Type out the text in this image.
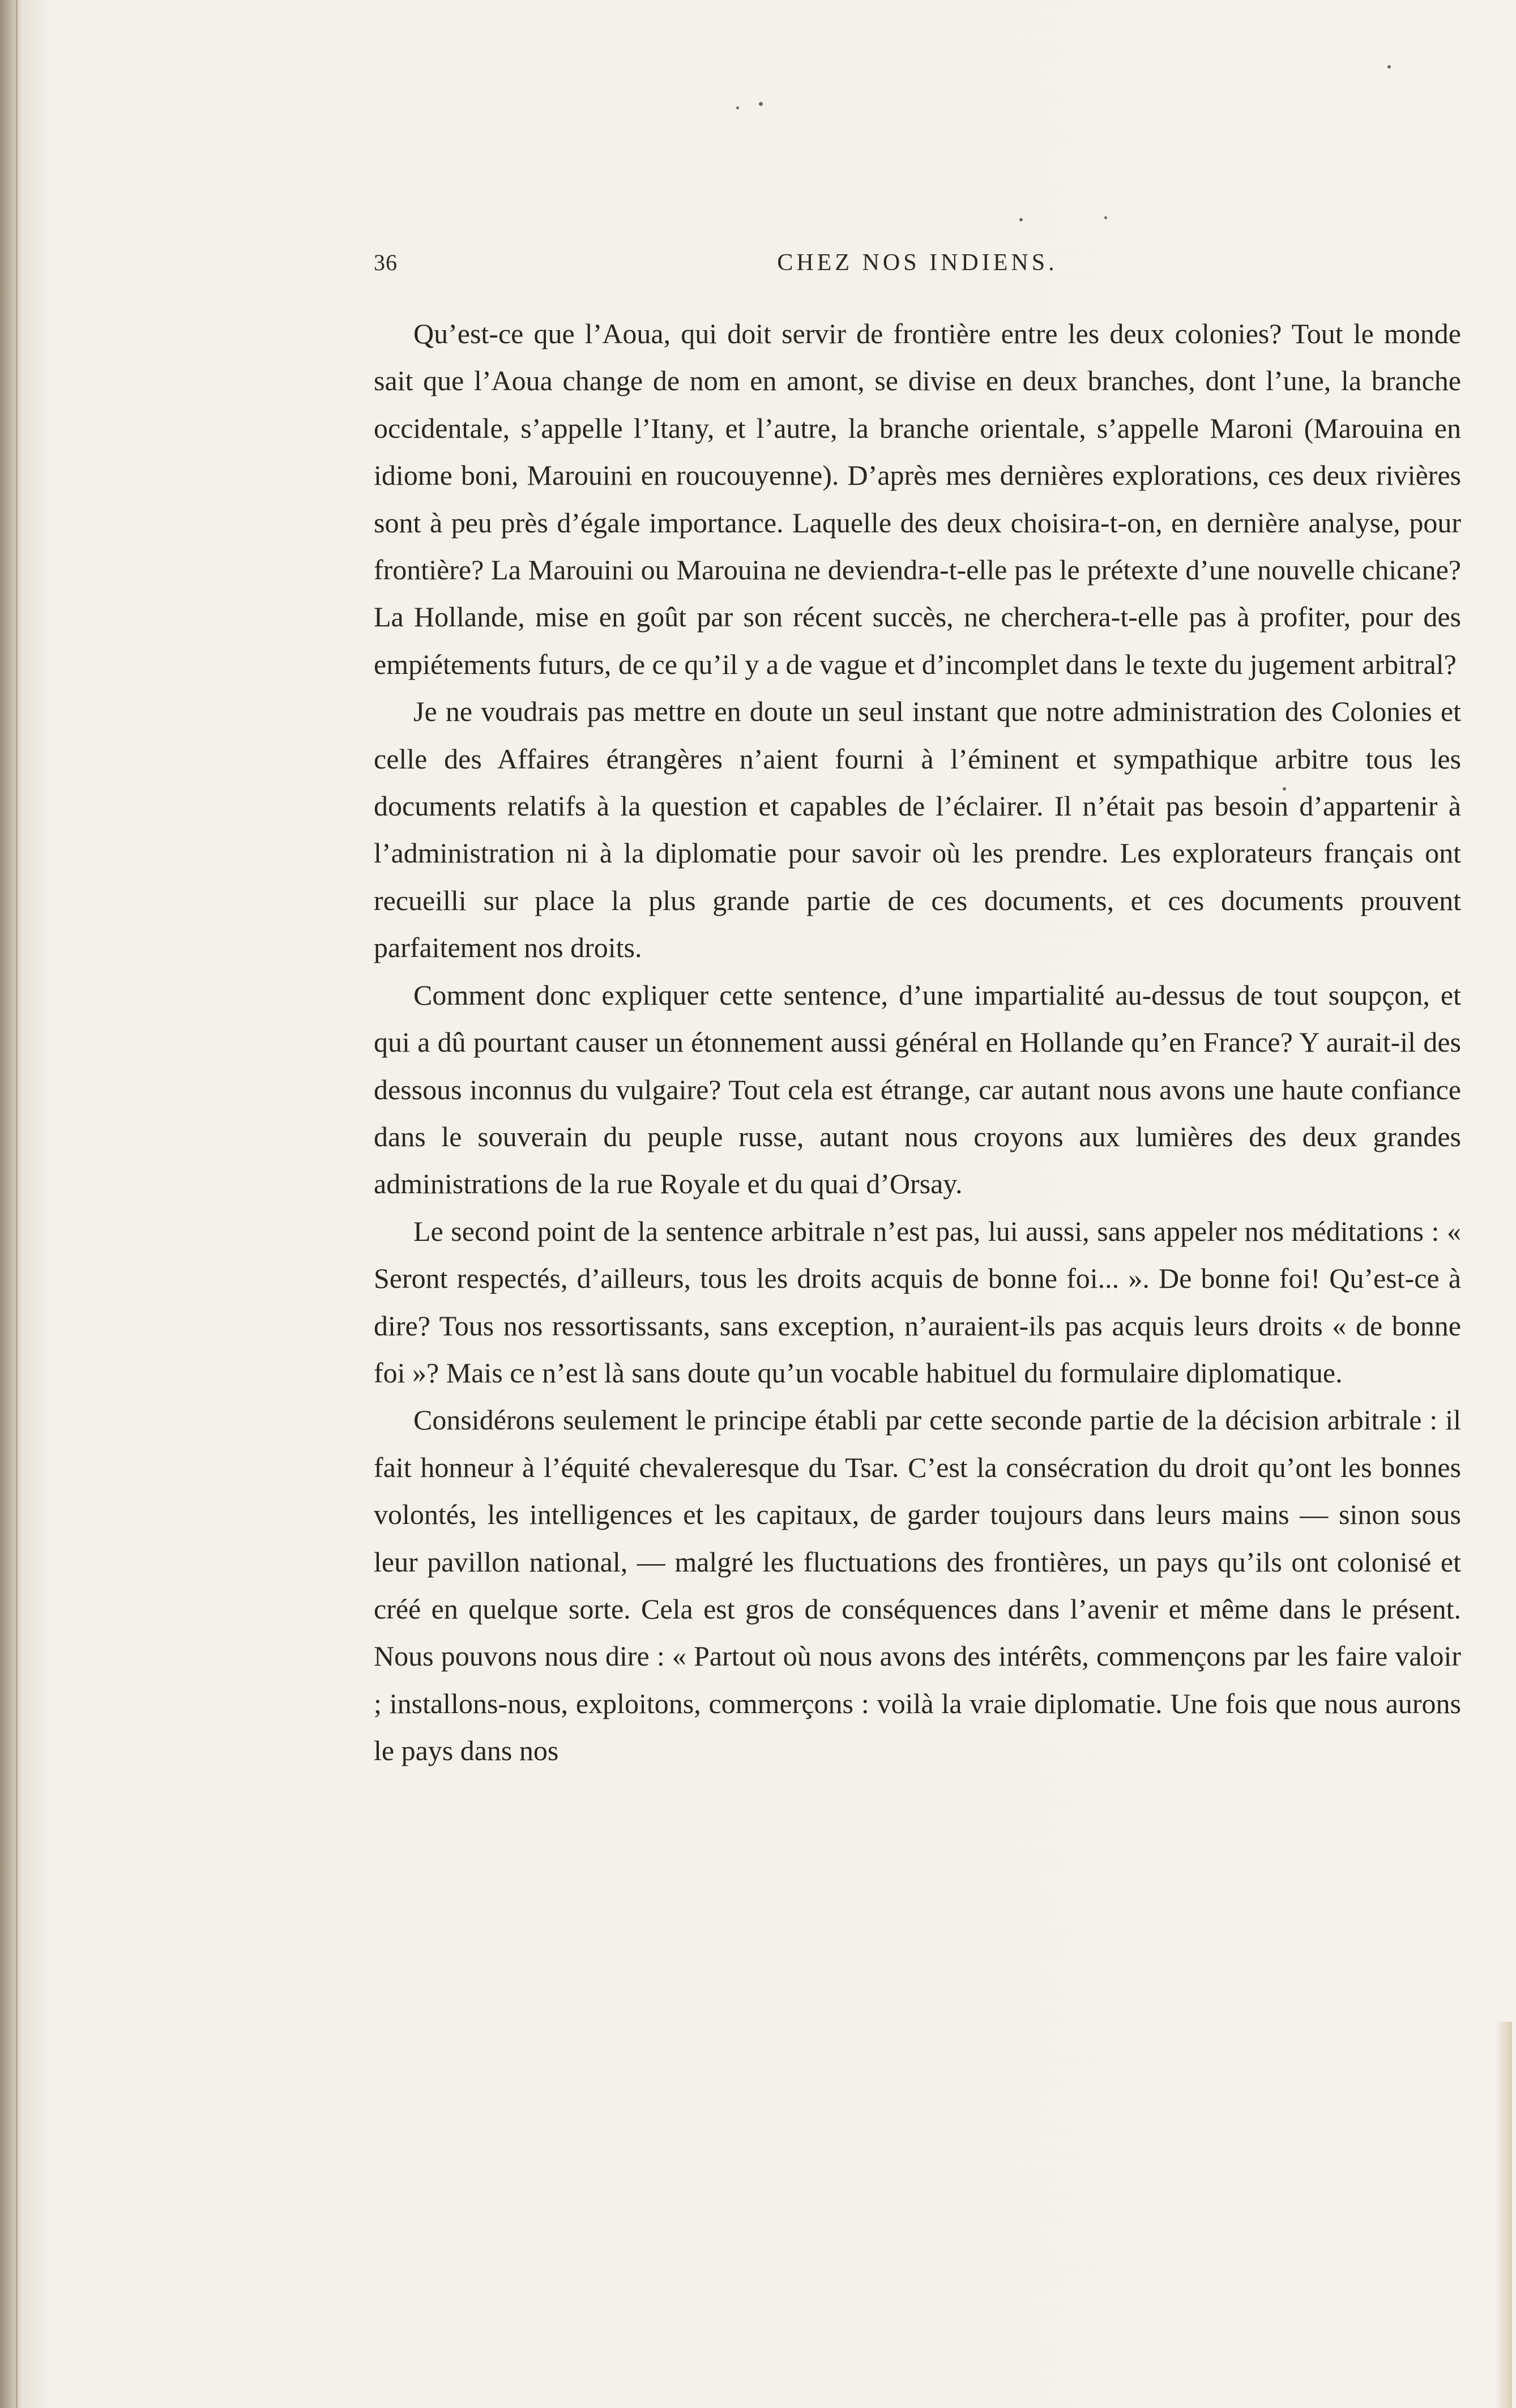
36	CHEZ NOS INDIENS.

Qu’est-ce que l’Aoua, qui doit servir de frontière entre les deux colonies? Tout le monde sait que l’Aoua change de nom en amont, se divise en deux branches, dont l’une, la branche occidentale, s’appelle l’Itany, et l’autre, la branche orientale, s’appelle Maroni (Marouina en idiome boni, Marouini en roucouyenne). D’après mes dernières explorations, ces deux rivières sont à peu près d’égale importance. Laquelle des deux choisira-t-on, en dernière analyse, pour frontière? La Marouini ou Marouina ne deviendra-t-elle pas le prétexte d’une nouvelle chicane? La Hollande, mise en goût par son récent succès, ne cherchera-t-elle pas à profiter, pour des empiétements futurs, de ce qu’il y a de vague et d’incomplet dans le texte du jugement arbitral?

Je ne voudrais pas mettre en doute un seul instant que notre administration des Colonies et celle des Affaires étrangères n’aient fourni à l’éminent et sympathique arbitre tous les documents relatifs à la question et capables de l’éclairer. Il n’était pas besoin d’appartenir à l’administration ni à la diplomatie pour savoir où les prendre. Les explorateurs français ont recueilli sur place la plus grande partie de ces documents, et ces documents prouvent parfaitement nos droits.

Comment donc expliquer cette sentence, d’une impartialité au-dessus de tout soupçon, et qui a dû pourtant causer un étonnement aussi général en Hollande qu’en France? Y aurait-il des dessous inconnus du vulgaire? Tout cela est étrange, car autant nous avons une haute confiance dans le souverain du peuple russe, autant nous croyons aux lumières des deux grandes administrations de la rue Royale et du quai d’Orsay.

Le second point de la sentence arbitrale n’est pas, lui aussi, sans appeler nos méditations : « Seront respectés, d’ailleurs, tous les droits acquis de bonne foi... ». De bonne foi! Qu’est-ce à dire? Tous nos ressortissants, sans exception, n’auraient-ils pas acquis leurs droits « de bonne foi »? Mais ce n’est là sans doute qu’un vocable habituel du formulaire diplomatique.

Considérons seulement le principe établi par cette seconde partie de la décision arbitrale : il fait honneur à l’équité chevaleresque du Tsar. C’est la consécration du droit qu’ont les bonnes volontés, les intelligences et les capitaux, de garder toujours dans leurs mains — sinon sous leur pavillon national, — malgré les fluctuations des frontières, un pays qu’ils ont colonisé et créé en quelque sorte. Cela est gros de conséquences dans l’avenir et même dans le présent. Nous pouvons nous dire : « Partout où nous avons des intérêts, commençons par les faire valoir ; installons-nous, exploitons, commerçons : voilà la vraie diplomatie. Une fois que nous aurons le pays dans nos
